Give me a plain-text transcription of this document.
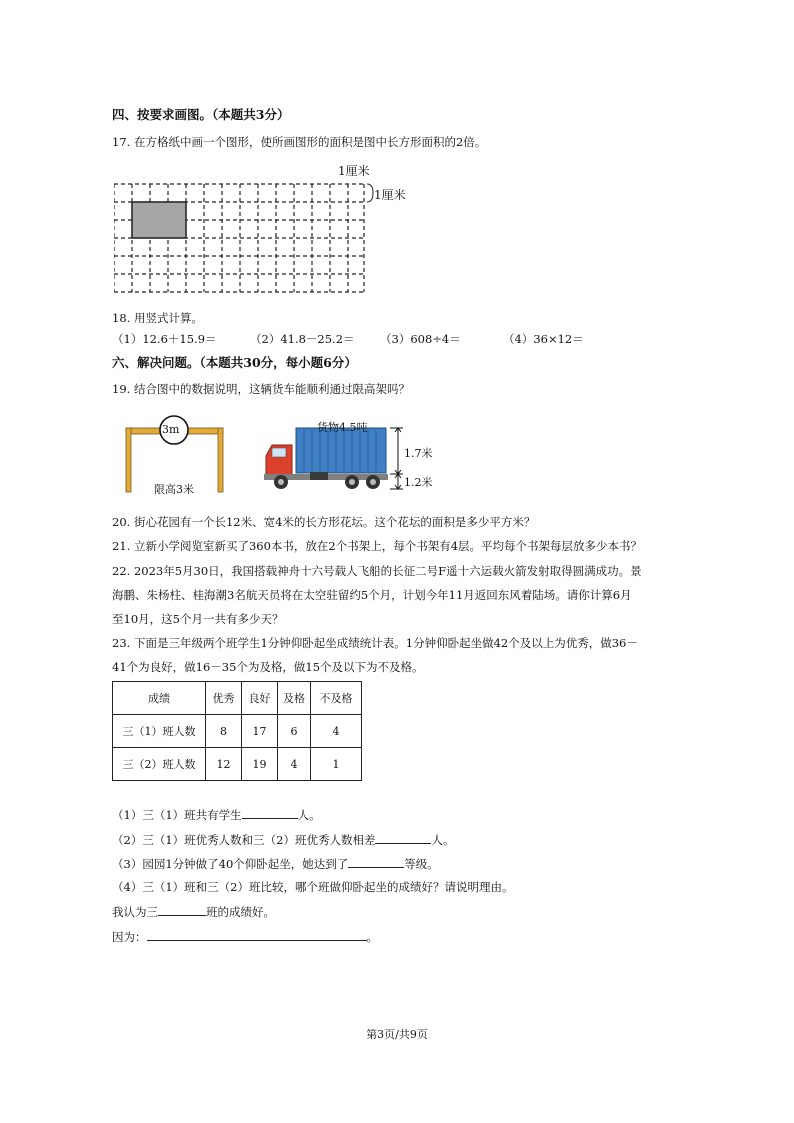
四、按要求画图。（本题共3分）
17. 在方格纸中画一个图形，使所画图形的面积是图中长方形面积的2倍。
1厘米
1厘米
18. 用竖式计算。
（1）12.6＋15.9＝	（2）41.8－25.2＝ （3）608÷4＝	（4）36×12＝
六、解决问题。（本题共30分，每小题6分）
19. 结合图中的数据说明，这辆货车能顺利通过限高架吗？
3m
限高3米
货物4.5吨
1.7米
1.2米
20. 街心花园有一个长12米、宽4米的长方形花坛。这个花坛的面积是多少平方米？
21. 立新小学阅览室新买了360本书，放在2个书架上，每个书架有4层。平均每个书架每层放多少本书？
22. 2023年5月30日，我国搭载神舟十六号载人飞船的长征二号F遥十六运载火箭发射取得圆满成功。景
海鹏、朱杨柱、桂海潮3名航天员将在太空驻留约5个月，计划今年11月返回东风着陆场。请你计算6月
至10月，这5个月一共有多少天？
23. 下面是三年级两个班学生1分钟仰卧起坐成绩统计表。1分钟仰卧起坐做42个及以上为优秀，做36－
41个为良好，做16－35个为及格，做15个及以下为不及格。
成绩	优秀	良好	及格	不及格
三（1）班人数	8	17	6	4
三（2）班人数	12	19	4	1
（1）三（1）班共有学生	人。
（2）三（1）班优秀人数和三（2）班优秀人数相差	人。
（3）园园1分钟做了40个仰卧起坐，她达到了	等级。
（4）三（1）班和三（2）班比较，哪个班做仰卧起坐的成绩好？请说明理由。
我认为三	班的成绩好。
因为：	。
第3页/共9页
